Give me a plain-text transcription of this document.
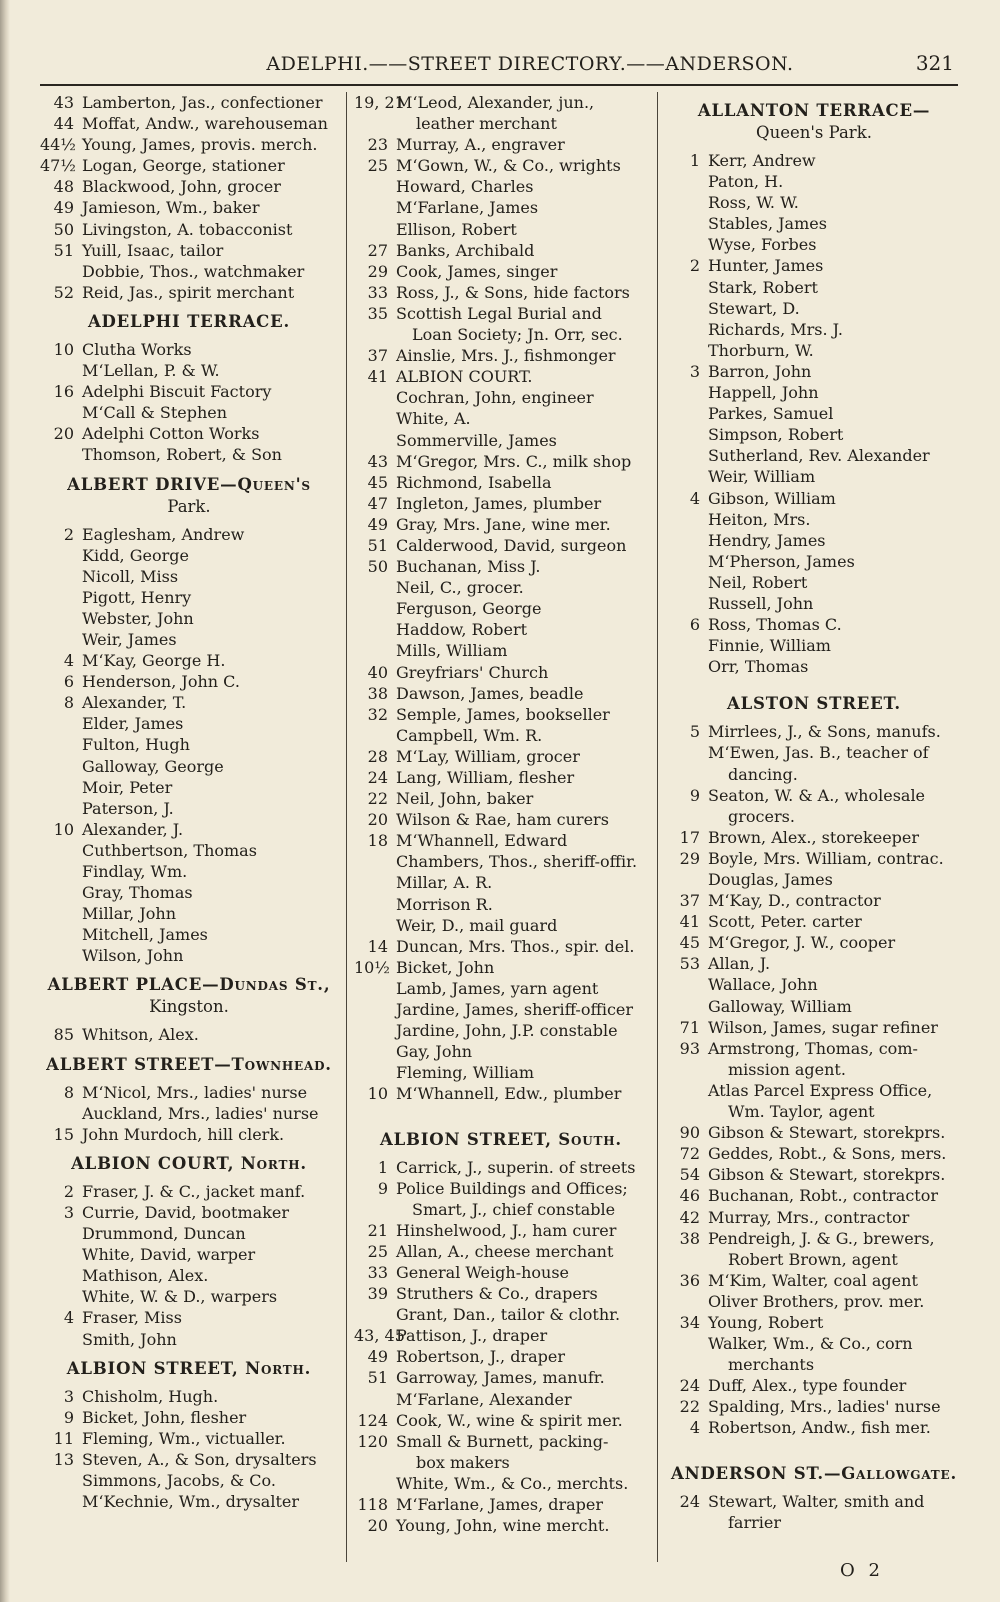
ADELPHI.——STREET DIRECTORY.——ANDERSON.	321
43 Lamberton, Jas., confectioner
44 Moffat, Andw., warehouseman
44½ Young, James, provis. merch.
47½ Logan, George, stationer
48 Blackwood, John, grocer
49 Jamieson, Wm., baker
50 Livingston, A. tobacconist
51 Yuill, Isaac, tailor
Dobbie, Thos., watchmaker
52 Reid, Jas., spirit merchant
ADELPHI TERRACE.
10 Clutha Works
M‘Lellan, P. & W.
16 Adelphi Biscuit Factory
M‘Call & Stephen
20 Adelphi Cotton Works
Thomson, Robert, & Son
ALBERT DRIVE—Queen's
Park.
2 Eaglesham, Andrew
Kidd, George
Nicoll, Miss
Pigott, Henry
Webster, John
Weir, James
4 M‘Kay, George H.
6 Henderson, John C.
8 Alexander, T.
Elder, James
Fulton, Hugh
Galloway, George
Moir, Peter
Paterson, J.
10 Alexander, J.
Cuthbertson, Thomas
Findlay, Wm.
Gray, Thomas
Millar, John
Mitchell, James
Wilson, John
ALBERT PLACE—Dundas St.,
Kingston.
85 Whitson, Alex.
ALBERT STREET—Townhead.
8 M‘Nicol, Mrs., ladies' nurse
Auckland, Mrs., ladies' nurse
15 John Murdoch, hill clerk.
ALBION COURT, North.
2 Fraser, J. & C., jacket manf.
3 Currie, David, bootmaker
Drummond, Duncan
White, David, warper
Mathison, Alex.
White, W. & D., warpers
4 Fraser, Miss
Smith, John
ALBION STREET, North.
3 Chisholm, Hugh.
9 Bicket, John, flesher
11 Fleming, Wm., victualler.
13 Steven, A., & Son, drysalters
Simmons, Jacobs, & Co.
M‘Kechnie, Wm., drysalter
19, 21
M‘Leod, Alexander, jun.,
leather merchant
23 Murray, A., engraver
25 M‘Gown, W., & Co., wrights
Howard, Charles
M‘Farlane, James
Ellison, Robert
27 Banks, Archibald
29 Cook, James, singer
33 Ross, J., & Sons, hide factors
35 Scottish Legal Burial and
Loan Society; Jn. Orr, sec.
37 Ainslie, Mrs. J., fishmonger
41 ALBION COURT.
Cochran, John, engineer
White, A.
Sommerville, James
43 M‘Gregor, Mrs. C., milk shop
45 Richmond, Isabella
47 Ingleton, James, plumber
49 Gray, Mrs. Jane, wine mer.
51 Calderwood, David, surgeon
50 Buchanan, Miss J.
Neil, C., grocer.
Ferguson, George
Haddow, Robert
Mills, William
40 Greyfriars' Church
38 Dawson, James, beadle
32 Semple, James, bookseller
Campbell, Wm. R.
28 M‘Lay, William, grocer
24 Lang, William, flesher
22 Neil, John, baker
20 Wilson & Rae, ham curers
18 M‘Whannell, Edward
Chambers, Thos., sheriff-offir.
Millar, A. R.
Morrison R.
Weir, D., mail guard
14 Duncan, Mrs. Thos., spir. del.
10½ Bicket, John
Lamb, James, yarn agent
Jardine, James, sheriff-officer
Jardine, John, J.P. constable
Gay, John
Fleming, William
10 M‘Whannell, Edw., plumber
ALBION STREET, South.
1 Carrick, J., superin. of streets
9 Police Buildings and Offices;
Smart, J., chief constable
21 Hinshelwood, J., ham curer
25 Allan, A., cheese merchant
33 General Weigh-house
39 Struthers & Co., drapers
Grant, Dan., tailor & clothr.
43, 45
Pattison, J., draper
49 Robertson, J., draper
51 Garroway, James, manufr.
M‘Farlane, Alexander
124 Cook, W., wine & spirit mer.
120 Small & Burnett, packing-
box makers
White, Wm., & Co., merchts.
118 M‘Farlane, James, draper
20 Young, John, wine mercht.
ALLANTON TERRACE—
Queen's Park.
1 Kerr, Andrew
Paton, H.
Ross, W. W.
Stables, James
Wyse, Forbes
2 Hunter, James
Stark, Robert
Stewart, D.
Richards, Mrs. J.
Thorburn, W.
3 Barron, John
Happell, John
Parkes, Samuel
Simpson, Robert
Sutherland, Rev. Alexander
Weir, William
4 Gibson, William
Heiton, Mrs.
Hendry, James
M‘Pherson, James
Neil, Robert
Russell, John
6 Ross, Thomas C.
Finnie, William
Orr, Thomas
ALSTON STREET.
5 Mirrlees, J., & Sons, manufs.
M‘Ewen, Jas. B., teacher of
dancing.
9 Seaton, W. & A., wholesale
grocers.
17 Brown, Alex., storekeeper
29 Boyle, Mrs. William, contrac.
Douglas, James
37 M‘Kay, D., contractor
41 Scott, Peter. carter
45 M‘Gregor, J. W., cooper
53 Allan, J.
Wallace, John
Galloway, William
71 Wilson, James, sugar refiner
93 Armstrong, Thomas, com-
mission agent.
Atlas Parcel Express Office,
Wm. Taylor, agent
90 Gibson & Stewart, storekprs.
72 Geddes, Robt., & Sons, mers.
54 Gibson & Stewart, storekprs.
46 Buchanan, Robt., contractor
42 Murray, Mrs., contractor
38 Pendreigh, J. & G., brewers,
Robert Brown, agent
36 M‘Kim, Walter, coal agent
Oliver Brothers, prov. mer.
34 Young, Robert
Walker, Wm., & Co., corn
merchants
24 Duff, Alex., type founder
22 Spalding, Mrs., ladies' nurse
4 Robertson, Andw., fish mer.
ANDERSON ST.—Gallowgate.
24 Stewart, Walter, smith and
farrier
O 2
